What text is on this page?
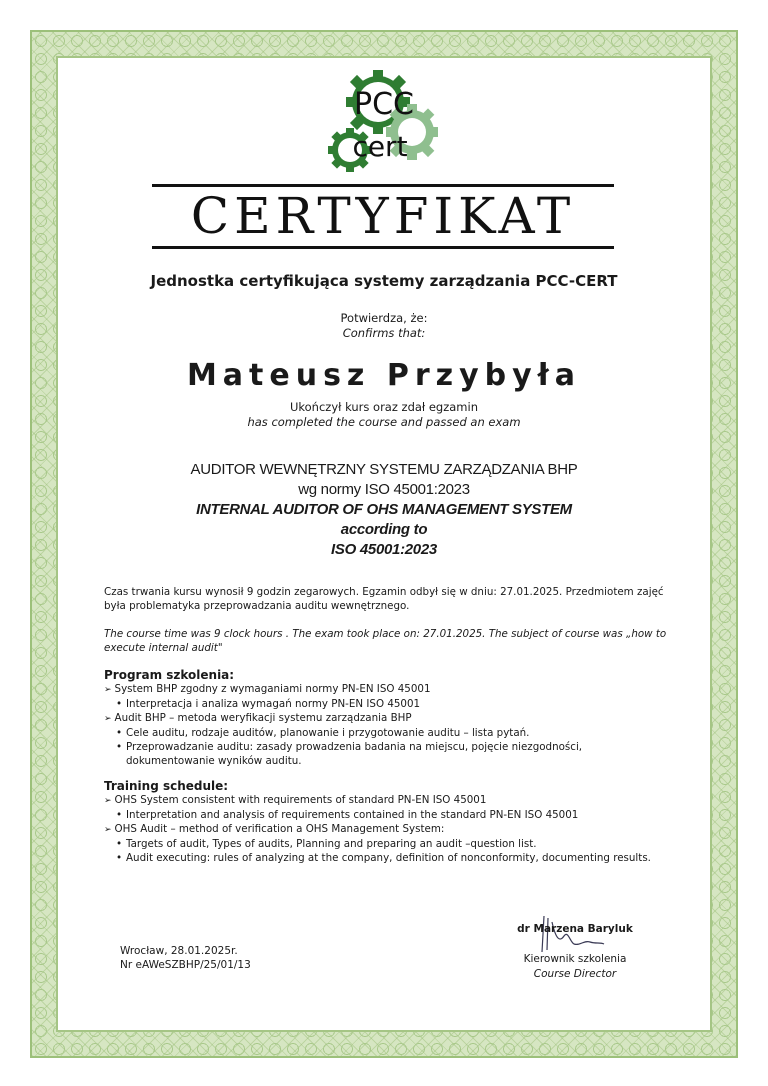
PCC
cert
CERTYFIKAT
Jednostka certyfikująca systemy zarządzania PCC-CERT
Potwierdza, że:
Confirms that:
Mateusz Przybyła
Ukończył kurs oraz zdał egzamin
has completed the course and passed an exam
AUDITOR WEWNĘTRZNY SYSTEMU ZARZĄDZANIA BHP
wg normy ISO 45001:2023
INTERNAL AUDITOR OF OHS MANAGEMENT SYSTEM according to
ISO 45001:2023
Czas trwania kursu wynosił 9 godzin zegarowych. Egzamin odbył się w dniu: 27.01.2025. Przedmiotem zajęć była problematyka przeprowadzania auditu wewnętrznego.
The course time was 9 clock hours . The exam took place on: 27.01.2025. The subject of course was „how to execute internal audit"

Program szkolenia:

➢ System BHP zgodny z wymaganiami normy PN-EN ISO 45001

• Interpretacja i analiza wymagań normy PN-EN ISO 45001

➢ Audit BHP – metoda weryfikacji systemu zarządzania BHP

• Cele auditu, rodzaje auditów, planowanie i przygotowanie auditu – lista pytań.

• Przeprowadzanie auditu: zasady prowadzenia badania na miejscu, pojęcie niezgodności, dokumentowanie wyników auditu.

Training schedule:

➢ OHS System consistent with requirements of standard PN-EN ISO 45001

• Interpretation and analysis of requirements contained in the standard PN-EN ISO 45001

➢ OHS Audit – method of verification a OHS Management System:

• Targets of audit, Types of audits, Planning and preparing an audit –question list.

• Audit executing: rules of analyzing at the company, definition of nonconformity, documenting results.

Wrocław, 28.01.2025r.
Nr eAWeSZBHP/25/01/13
dr Marzena Baryluk
Kierownik szkolenia
Course Director
